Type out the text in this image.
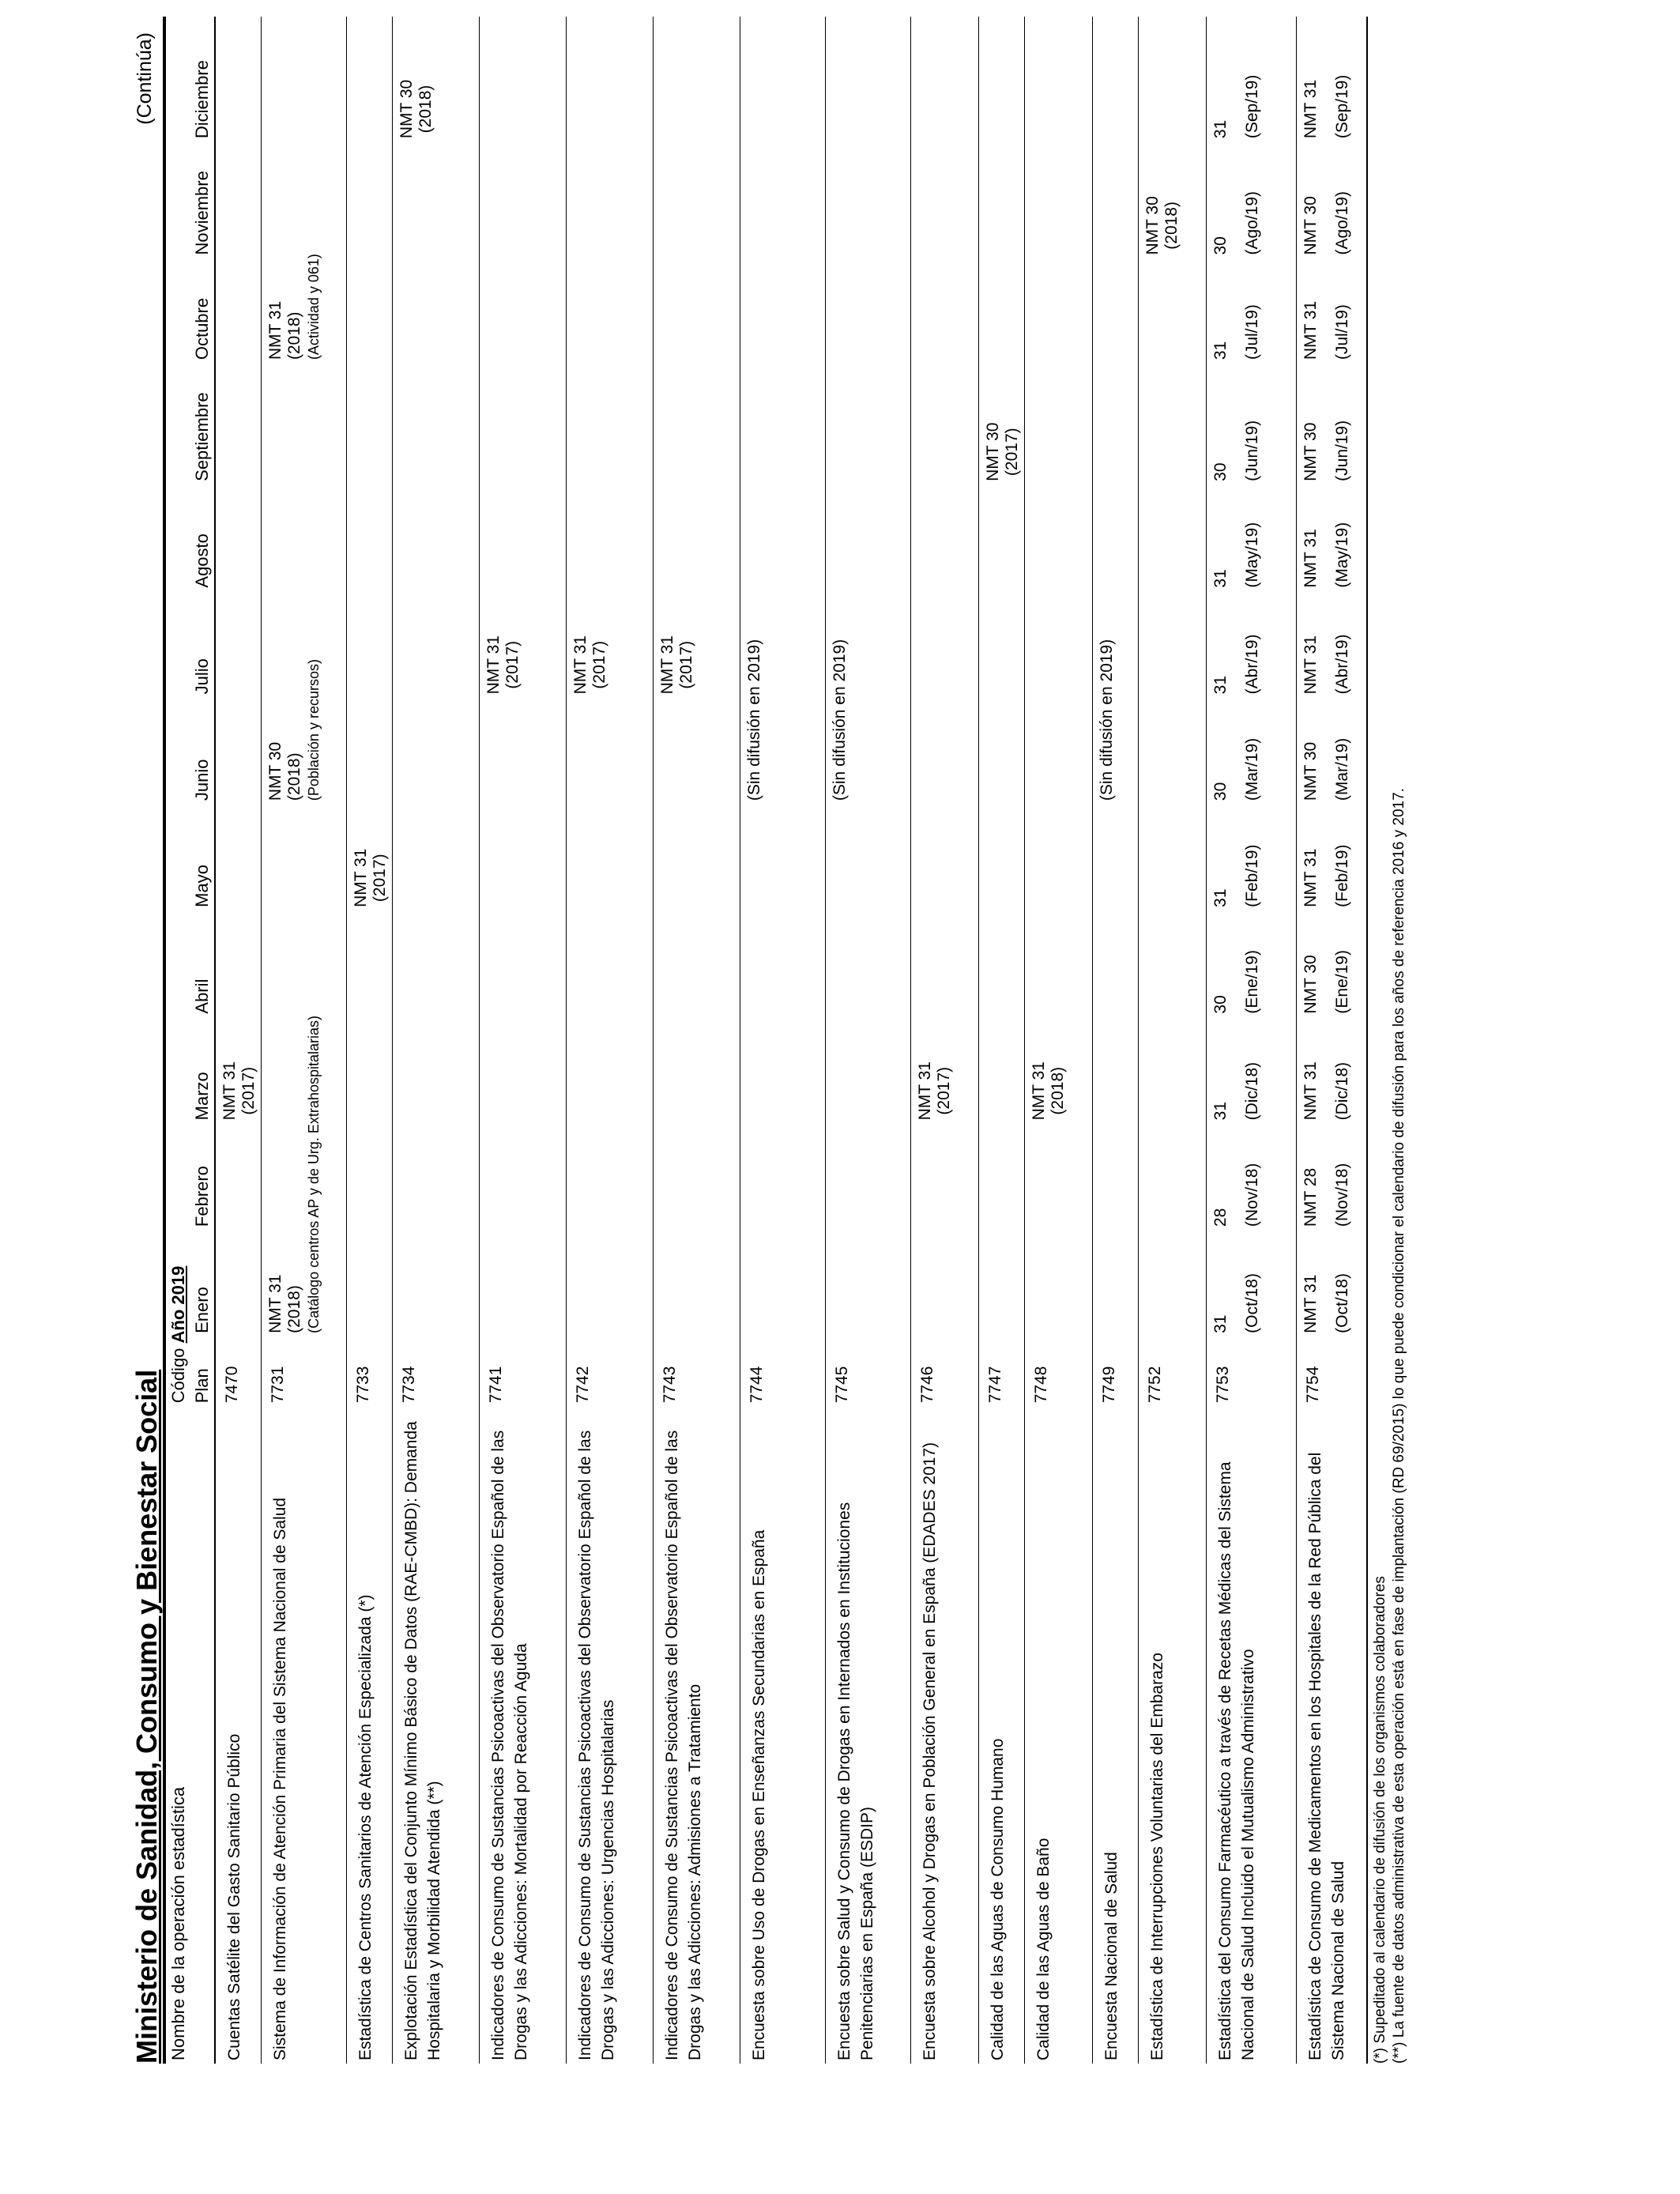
Ministerio de Sanidad, Consumo y Bienestar Social
(Continúa)
Nombre de la operación estadística	Código Año 2019												
	Plan	Enero	Febrero	Marzo	Abril	Mayo	Junio	Julio	Agosto	Septiembre	Octubre	Noviembre	Diciembre
Cuentas Satélite del Gasto Sanitario Público	7470			NMT 31 (2017)									

Sistema de Información de Atención Primaria del Sistema Nacional de Salud	7731	NMT 31 (2018) (Catálogo centros AP y de Urg. Extrahospitalarias)					NMT 30 (2018) (Población y recursos)				NMT 31 (2018) (Actividad y 061)		

Estadística de Centros Sanitarios de Atención Especializada (*)	7733					NMT 31 (2017)							

Explotación Estadística del Conjunto Mínimo Básico de Datos (RAE-CMBD): Demanda Hospitalaria y Morbilidad Atendida (**)	7734												NMT 30 (2018)

Indicadores de Consumo de Sustancias Psicoactivas del Observatorio Español de las Drogas y las Adicciones: Mortalidad por Reacción Aguda	7741							NMT 31 (2017)					

Indicadores de Consumo de Sustancias Psicoactivas del Observatorio Español de las Drogas y las Adicciones: Urgencias Hospitalarias	7742							NMT 31 (2017)					

Indicadores de Consumo de Sustancias Psicoactivas del Observatorio Español de las Drogas y las Adicciones: Admisiones a Tratamiento	7743							NMT 31 (2017)					

Encuesta sobre Uso de Drogas en Enseñanzas Secundarias en España	7744						(Sin difusión en 2019)						

Encuesta sobre Salud y Consumo de Drogas en Internados en Instituciones Penitenciarias en España (ESDIP)	7745						(Sin difusión en 2019)						

Encuesta sobre Alcohol y Drogas en Población General en España (EDADES 2017)	7746			NMT 31 (2017)									

Calidad de las Aguas de Consumo Humano	7747									NMT 30 (2017)			

Calidad de las Aguas de Baño	7748			NMT 31 (2018)									

Encuesta Nacional de Salud	7749						(Sin difusión en 2019)						

Estadística de Interrupciones Voluntarias del Embarazo	7752											NMT 30 (2018)	

Estadística del Consumo Farmacéutico a través de Recetas Médicas del Sistema Nacional de Salud Incluido el Mutualismo Administrativo	7753	31 (Oct/18)	28 (Nov/18)	31 (Dic/18)	30 (Ene/19)	31 (Feb/19)	30 (Mar/19)	31 (Abr/19)	31 (May/19)	30 (Jun/19)	31 (Jul/19)	30 (Ago/19)	31 (Sep/19)

Estadística de Consumo de Medicamentos en los Hospitales de la Red Pública del Sistema Nacional de Salud	7754	NMT 31 (Oct/18)	NMT 28 (Nov/18)	NMT 31 (Dic/18)	NMT 30 (Ene/19)	NMT 31 (Feb/19)	NMT 30 (Mar/19)	NMT 31 (Abr/19)	NMT 31 (May/19)	NMT 30 (Jun/19)	NMT 31 (Jul/19)	NMT 30 (Ago/19)	NMT 31 (Sep/19)
(*) Supeditado al calendario de difusión de los organismos colaboradores (**) La fuente de datos administrativa de esta operación está en fase de implantación (RD 69/2015) lo que puede condicionar el calendario de difusión para los años de referencia 2016 y 2017.
